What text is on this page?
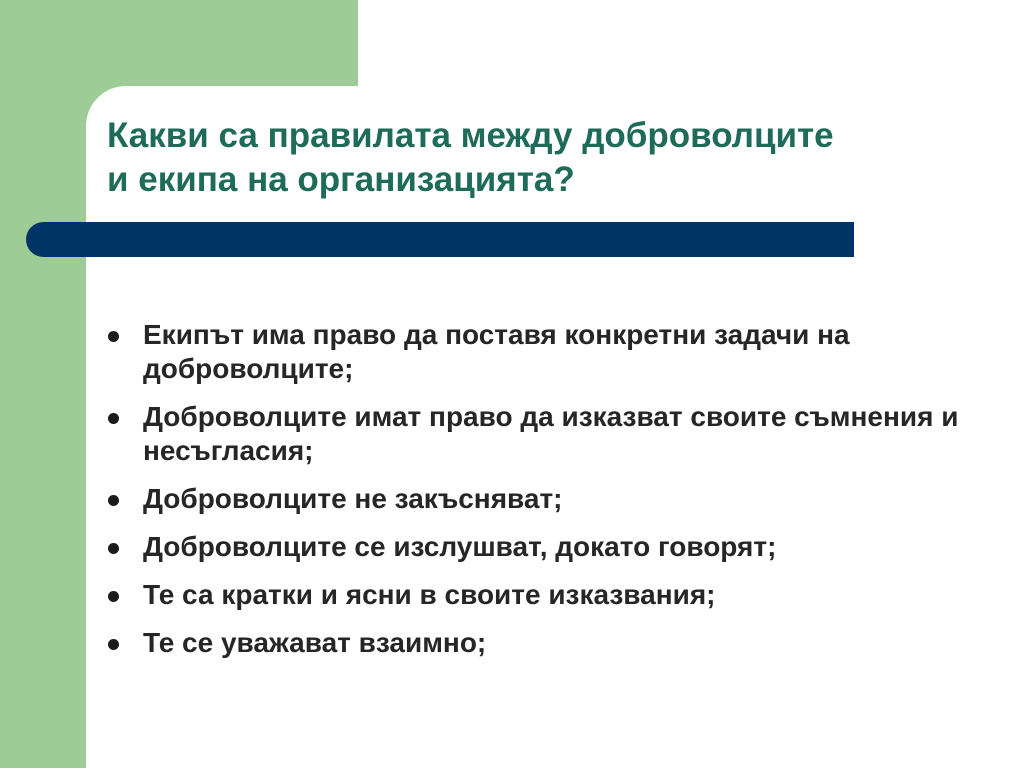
Какви са правилата между доброволците
и екипа на организацията?
Екипът има право да поставя конкретни задачи на доброволците;
Доброволците имат право да изказват своите съмнения и несъгласия;
Доброволците не закъсняват;
Доброволците се изслушват, докато говорят;
Те са кратки и ясни в своите изказвания;
Те се уважават взаимно;
